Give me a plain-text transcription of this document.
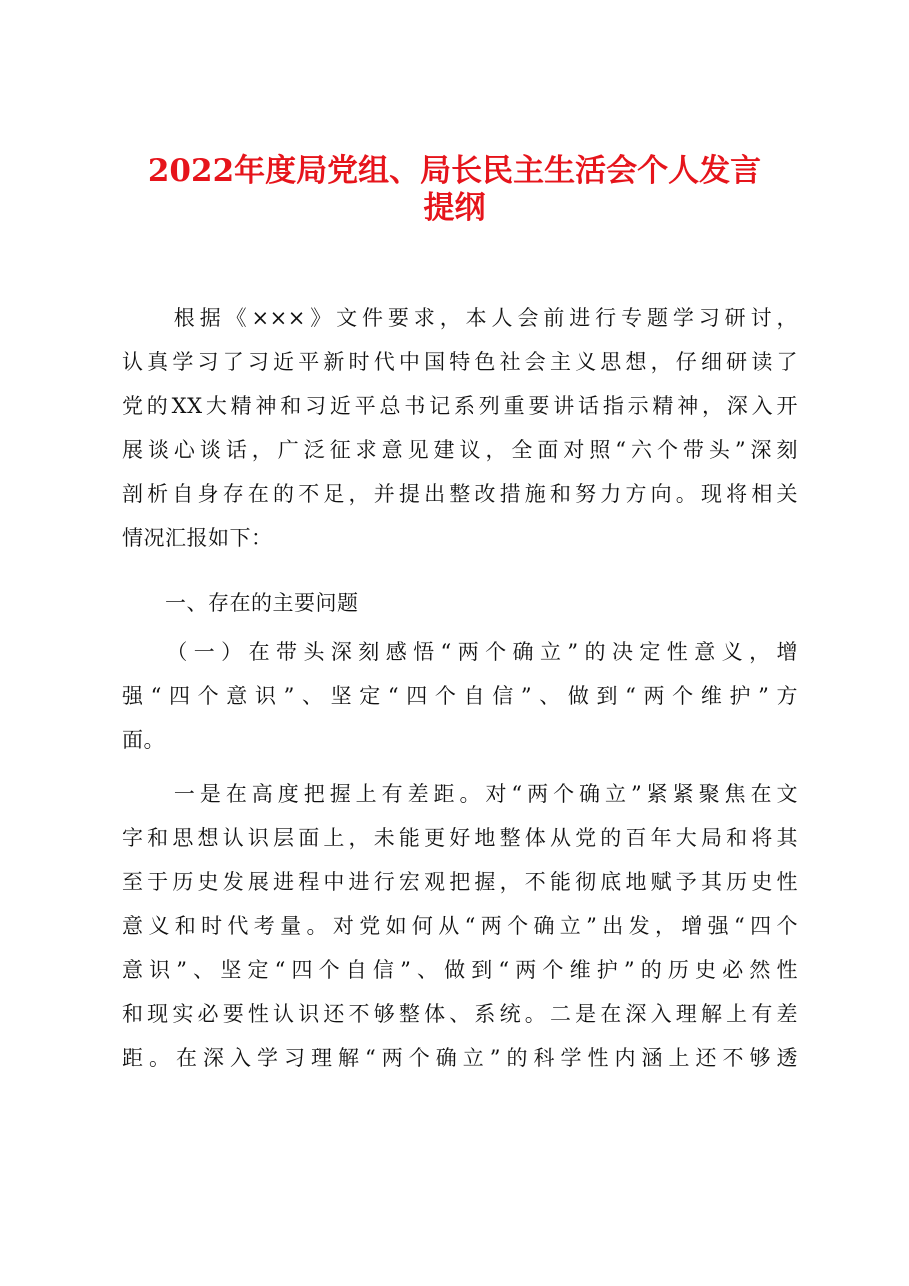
2022年度局党组、局长民主生活会个人发言
提纲
　　根据《×××》文件要求，本人会前进行专题学习研讨，
认真学习了习近平新时代中国特色社会主义思想，仔细研读了
党的XX大精神和习近平总书记系列重要讲话指示精神，深入开
展谈心谈话，广泛征求意见建议，全面对照“六个带头”深刻
剖析自身存在的不足，并提出整改措施和努力方向。现将相关
情况汇报如下：
　　一、存在的主要问题
　　（一）在带头深刻感悟“两个确立”的决定性意义，增
强“四个意识”、坚定“四个自信”、做到“两个维护”方
面。
　　一是在高度把握上有差距。对“两个确立”紧紧聚焦在文
字和思想认识层面上，未能更好地整体从党的百年大局和将其
至于历史发展进程中进行宏观把握，不能彻底地赋予其历史性
意义和时代考量。对党如何从“两个确立”出发，增强“四个
意识”、坚定“四个自信”、做到“两个维护”的历史必然性
和现实必要性认识还不够整体、系统。二是在深入理解上有差
距。在深入学习理解“两个确立”的科学性内涵上还不够透
